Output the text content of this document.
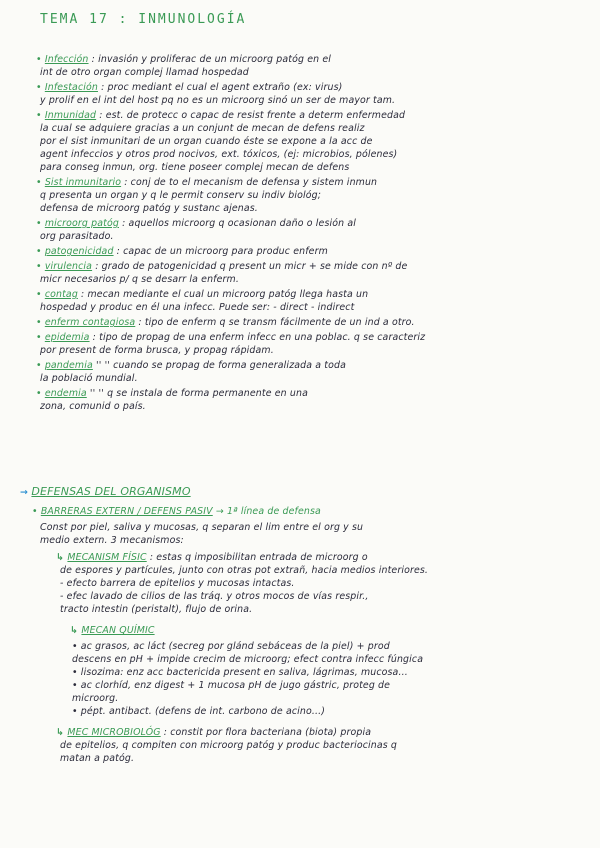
TEMA 17 : INMUNOLOGÍA
• Infección : invasión y proliferac de un microorg patóg en el
int de otro organ complej llamad hospedad
• Infestación : proc mediant el cual el agent extraño (ex: virus)
y prolif en el int del host pq no es un microorg sinó un ser de mayor tam.
• Inmunidad : est. de protecc o capac de resist frente a determ enfermedad
la cual se adquiere gracias a un conjunt de mecan de defens realiz
por el sist inmunitari de un organ cuando éste se expone a la acc de
agent infeccios y otros prod nocivos, ext. tóxicos, (ej: microbios, pólenes)
para conseg inmun, org. tiene poseer complej mecan de defens
• Sist inmunitario : conj de to el mecanism de defensa y sistem inmun
q presenta un organ y q le permit conserv su indiv biológ;
defensa de microorg patóg y sustanc ajenas.
• microorg patóg : aquellos microorg q ocasionan daño o lesión al
org parasitado.
• patogenicidad : capac de un microorg para produc enferm
• virulencia : grado de patogenicidad q present un micr + se mide con nº de
micr necesarios p/ q se desarr la enferm.
• contag : mecan mediante el cual un microorg patóg llega hasta un
hospedad y produc en él una infecc. Puede ser: - direct - indirect
• enferm contagiosa : tipo de enferm q se transm fácilmente de un ind a otro.
• epidemia : tipo de propag de una enferm infecc en una poblac. q se caracteriz
por present de forma brusca, y propag rápidam.
• pandemia '' '' cuando se propag de forma generalizada a toda
la població mundial.
• endemia '' '' q se instala de forma permanente en una
zona, comunid o país.
→ DEFENSAS DEL ORGANISMO
• BARRERAS EXTERN / DEFENS PASIV → 1ª línea de defensa
Const por piel, saliva y mucosas, q separan el lim entre el org y su
medio extern. 3 mecanismos:
↳ MECANISM FÍSIC : estas q imposibilitan entrada de microorg o
de espores y partícules, junto con otras pot extrañ, hacia medios interiores.
- efecto barrera de epitelios y mucosas intactas.
- efec lavado de cilios de las tráq. y otros mocos de vías respir.,
tracto intestin (peristalt), flujo de orina.
↳ MECAN QUÍMIC
• ac grasos, ac láct (secreg por glánd sebáceas de la piel) + prod
descens en pH + impide crecim de microorg; efect contra infecc fúngica
• lisozima: enz acc bactericida present en saliva, lágrimas, mucosa...
• ac clorhíd, enz digest + 1 mucosa pH de jugo gástric, proteg de
microorg.
• pépt. antibact. (defens de int. carbono de acino...)
↳ MEC MICROBIOLÓG : constit por flora bacteriana (biota) propia
de epitelios, q compiten con microorg patóg y produc bacteriocinas q
matan a patóg.
